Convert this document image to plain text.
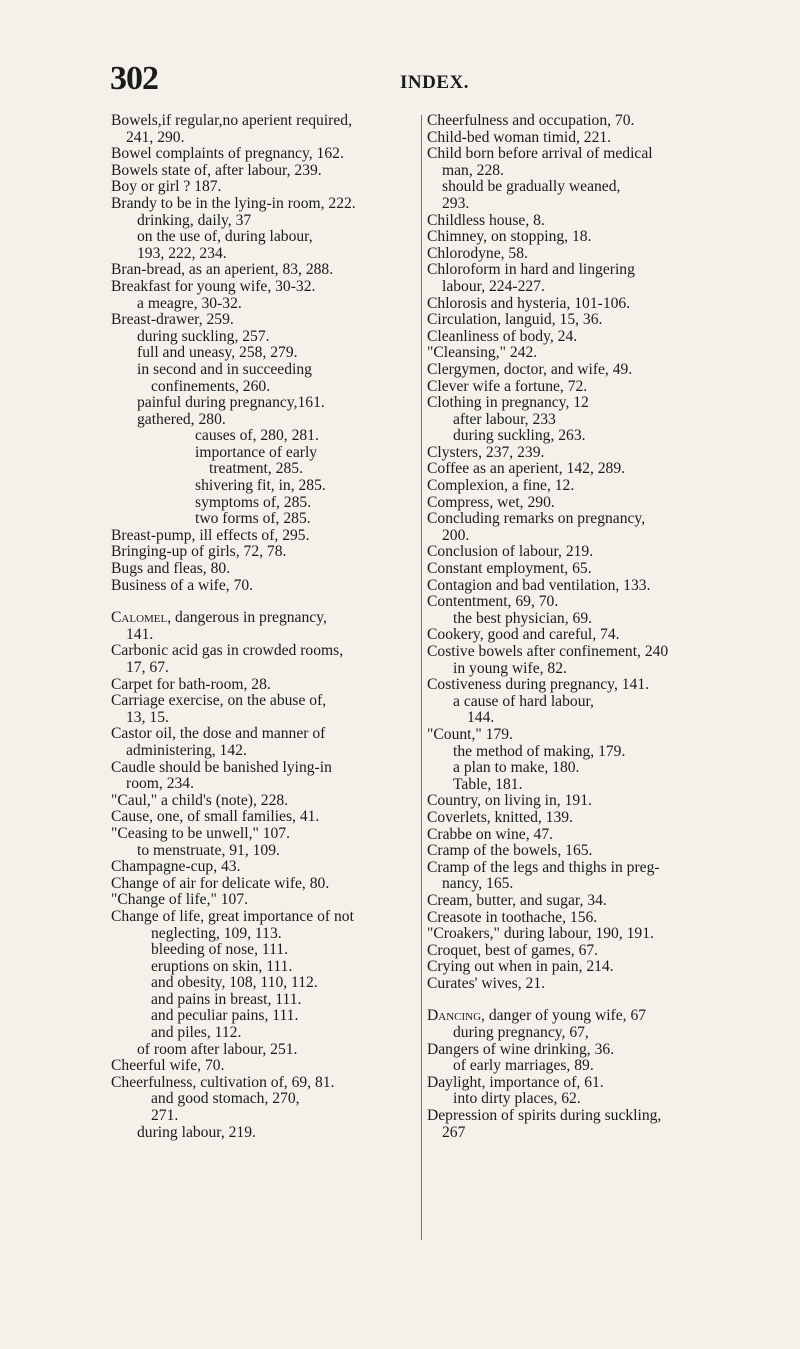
302	INDEX.
Bowels,if regular,no aperient required,
241, 290.
Bowel complaints of pregnancy, 162.
Bowels state of, after labour, 239.
Boy or girl ? 187.
Brandy to be in the lying-in room, 222.
drinking, daily, 37
on the use of, during labour,
193, 222, 234.
Bran-bread, as an aperient, 83, 288.
Breakfast for young wife, 30-32.
a meagre, 30-32.
Breast-drawer, 259.
during suckling, 257.
full and uneasy, 258, 279.
in second and in succeeding
confinements, 260.
painful during pregnancy,161.
gathered, 280.
causes of, 280, 281.
importance of early
treatment, 285.
shivering fit, in, 285.
symptoms of, 285.
two forms of, 285.
Breast-pump, ill effects of, 295.
Bringing-up of girls, 72, 78.
Bugs and fleas, 80.
Business of a wife, 70.
Calomel, dangerous in pregnancy,
141.
Carbonic acid gas in crowded rooms,
17, 67.
Carpet for bath-room, 28.
Carriage exercise, on the abuse of,
13, 15.
Castor oil, the dose and manner of
administering, 142.
Caudle should be banished lying-in
room, 234.
"Caul," a child's (note), 228.
Cause, one, of small families, 41.
"Ceasing to be unwell," 107.
to menstruate, 91, 109.
Champagne-cup, 43.
Change of air for delicate wife, 80.
"Change of life," 107.
Change of life, great importance of not
neglecting, 109, 113.
bleeding of nose, 111.
eruptions on skin, 111.
and obesity, 108, 110, 112.
and pains in breast, 111.
and peculiar pains, 111.
and piles, 112.
of room after labour, 251.
Cheerful wife, 70.
Cheerfulness, cultivation of, 69, 81.
and good stomach, 270,
271.
during labour, 219.
Cheerfulness and occupation, 70.
Child-bed woman timid, 221.
Child born before arrival of medical
man, 228.
should be gradually weaned,
293.
Childless house, 8.
Chimney, on stopping, 18.
Chlorodyne, 58.
Chloroform in hard and lingering
labour, 224-227.
Chlorosis and hysteria, 101-106.
Circulation, languid, 15, 36.
Cleanliness of body, 24.
"Cleansing," 242.
Clergymen, doctor, and wife, 49.
Clever wife a fortune, 72.
Clothing in pregnancy, 12
after labour, 233
during suckling, 263.
Clysters, 237, 239.
Coffee as an aperient, 142, 289.
Complexion, a fine, 12.
Compress, wet, 290.
Concluding remarks on pregnancy,
200.
Conclusion of labour, 219.
Constant employment, 65.
Contagion and bad ventilation, 133.
Contentment, 69, 70.
the best physician, 69.
Cookery, good and careful, 74.
Costive bowels after confinement, 240
in young wife, 82.
Costiveness during pregnancy, 141.
a cause of hard labour,
144.
"Count," 179.
the method of making, 179.
a plan to make, 180.
Table, 181.
Country, on living in, 191.
Coverlets, knitted, 139.
Crabbe on wine, 47.
Cramp of the bowels, 165.
Cramp of the legs and thighs in preg-
nancy, 165.
Cream, butter, and sugar, 34.
Creasote in toothache, 156.
"Croakers," during labour, 190, 191.
Croquet, best of games, 67.
Crying out when in pain, 214.
Curates' wives, 21.
Dancing, danger of young wife, 67
during pregnancy, 67,
Dangers of wine drinking, 36.
of early marriages, 89.
Daylight, importance of, 61.
into dirty places, 62.
Depression of spirits during suckling,
267
